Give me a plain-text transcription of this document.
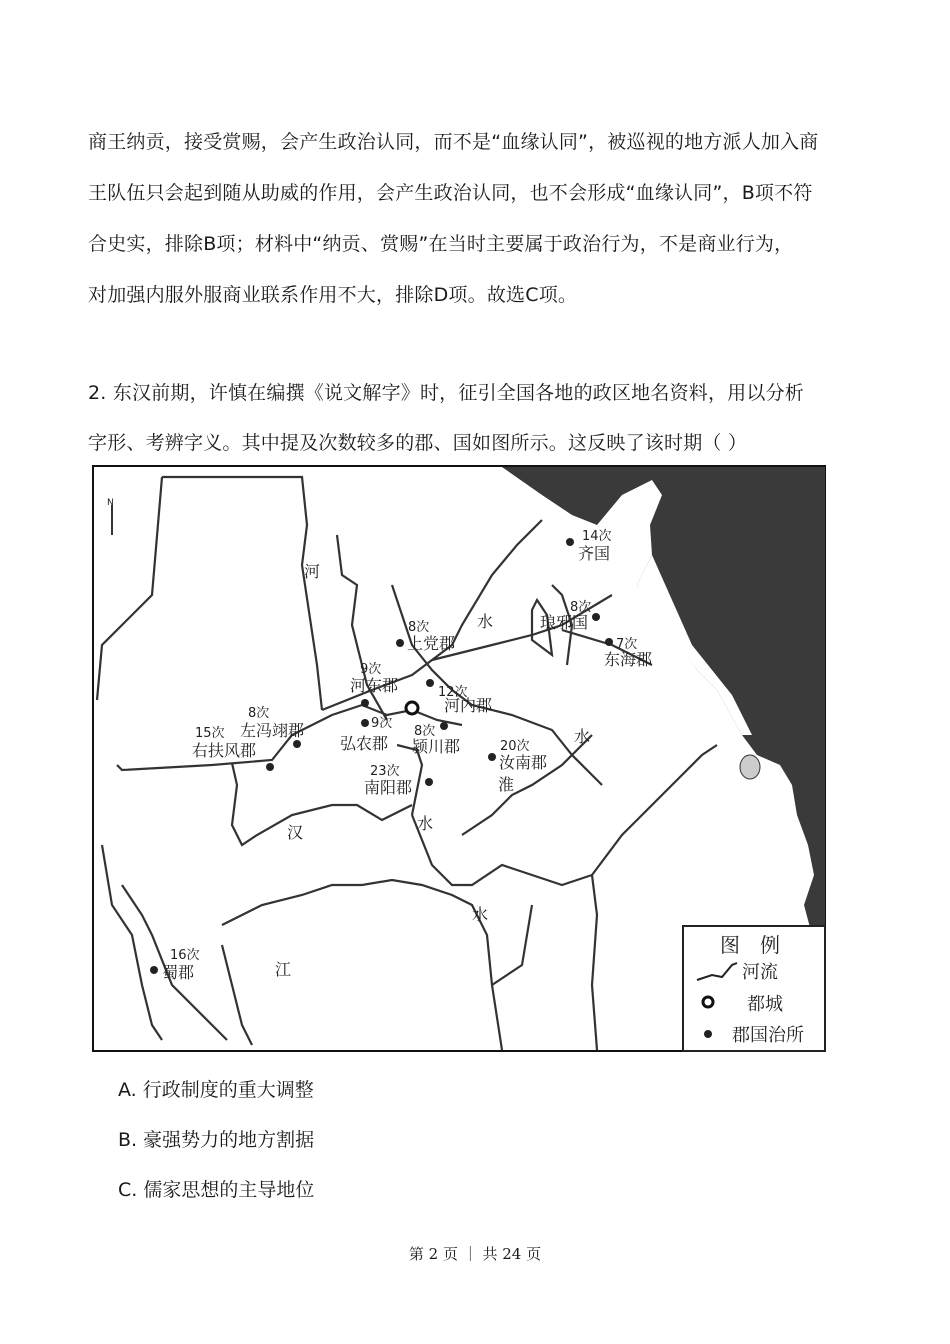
商王纳贡，接受赏赐，会产生政治认同，而不是“血缘认同”，被巡视的地方派人加入商
王队伍只会起到随从助威的作用，会产生政治认同，也不会形成“血缘认同”，B项不符
合史实，排除B项；材料中“纳贡、赏赐”在当时主要属于政治行为，不是商业行为，
对加强内服外服商业联系作用不大，排除D项。故选C项。
2. 东汉前期，许慎在编撰《说文解字》时，征引全国各地的政区地名资料，用以分析
字形、考辨字义。其中提及次数较多的郡、国如图所示。这反映了该时期（ ）
N
14次
齐国
8次
琅邪国
7次
东海郡
8次
上党郡
9次
河东郡	12次
河内郡
8次
左冯翊郡
15次
右扶风郡
9次
弘农郡
8次
颍川郡	20次
汝南郡
23次
南阳郡
16次
蜀郡
河
水
水
汉	水
淮
江
水
图　例
河流
都城
郡国治所
A. 行政制度的重大调整
B. 豪强势力的地方割据
C. 儒家思想的主导地位
第 2 页 ｜ 共 24 页
